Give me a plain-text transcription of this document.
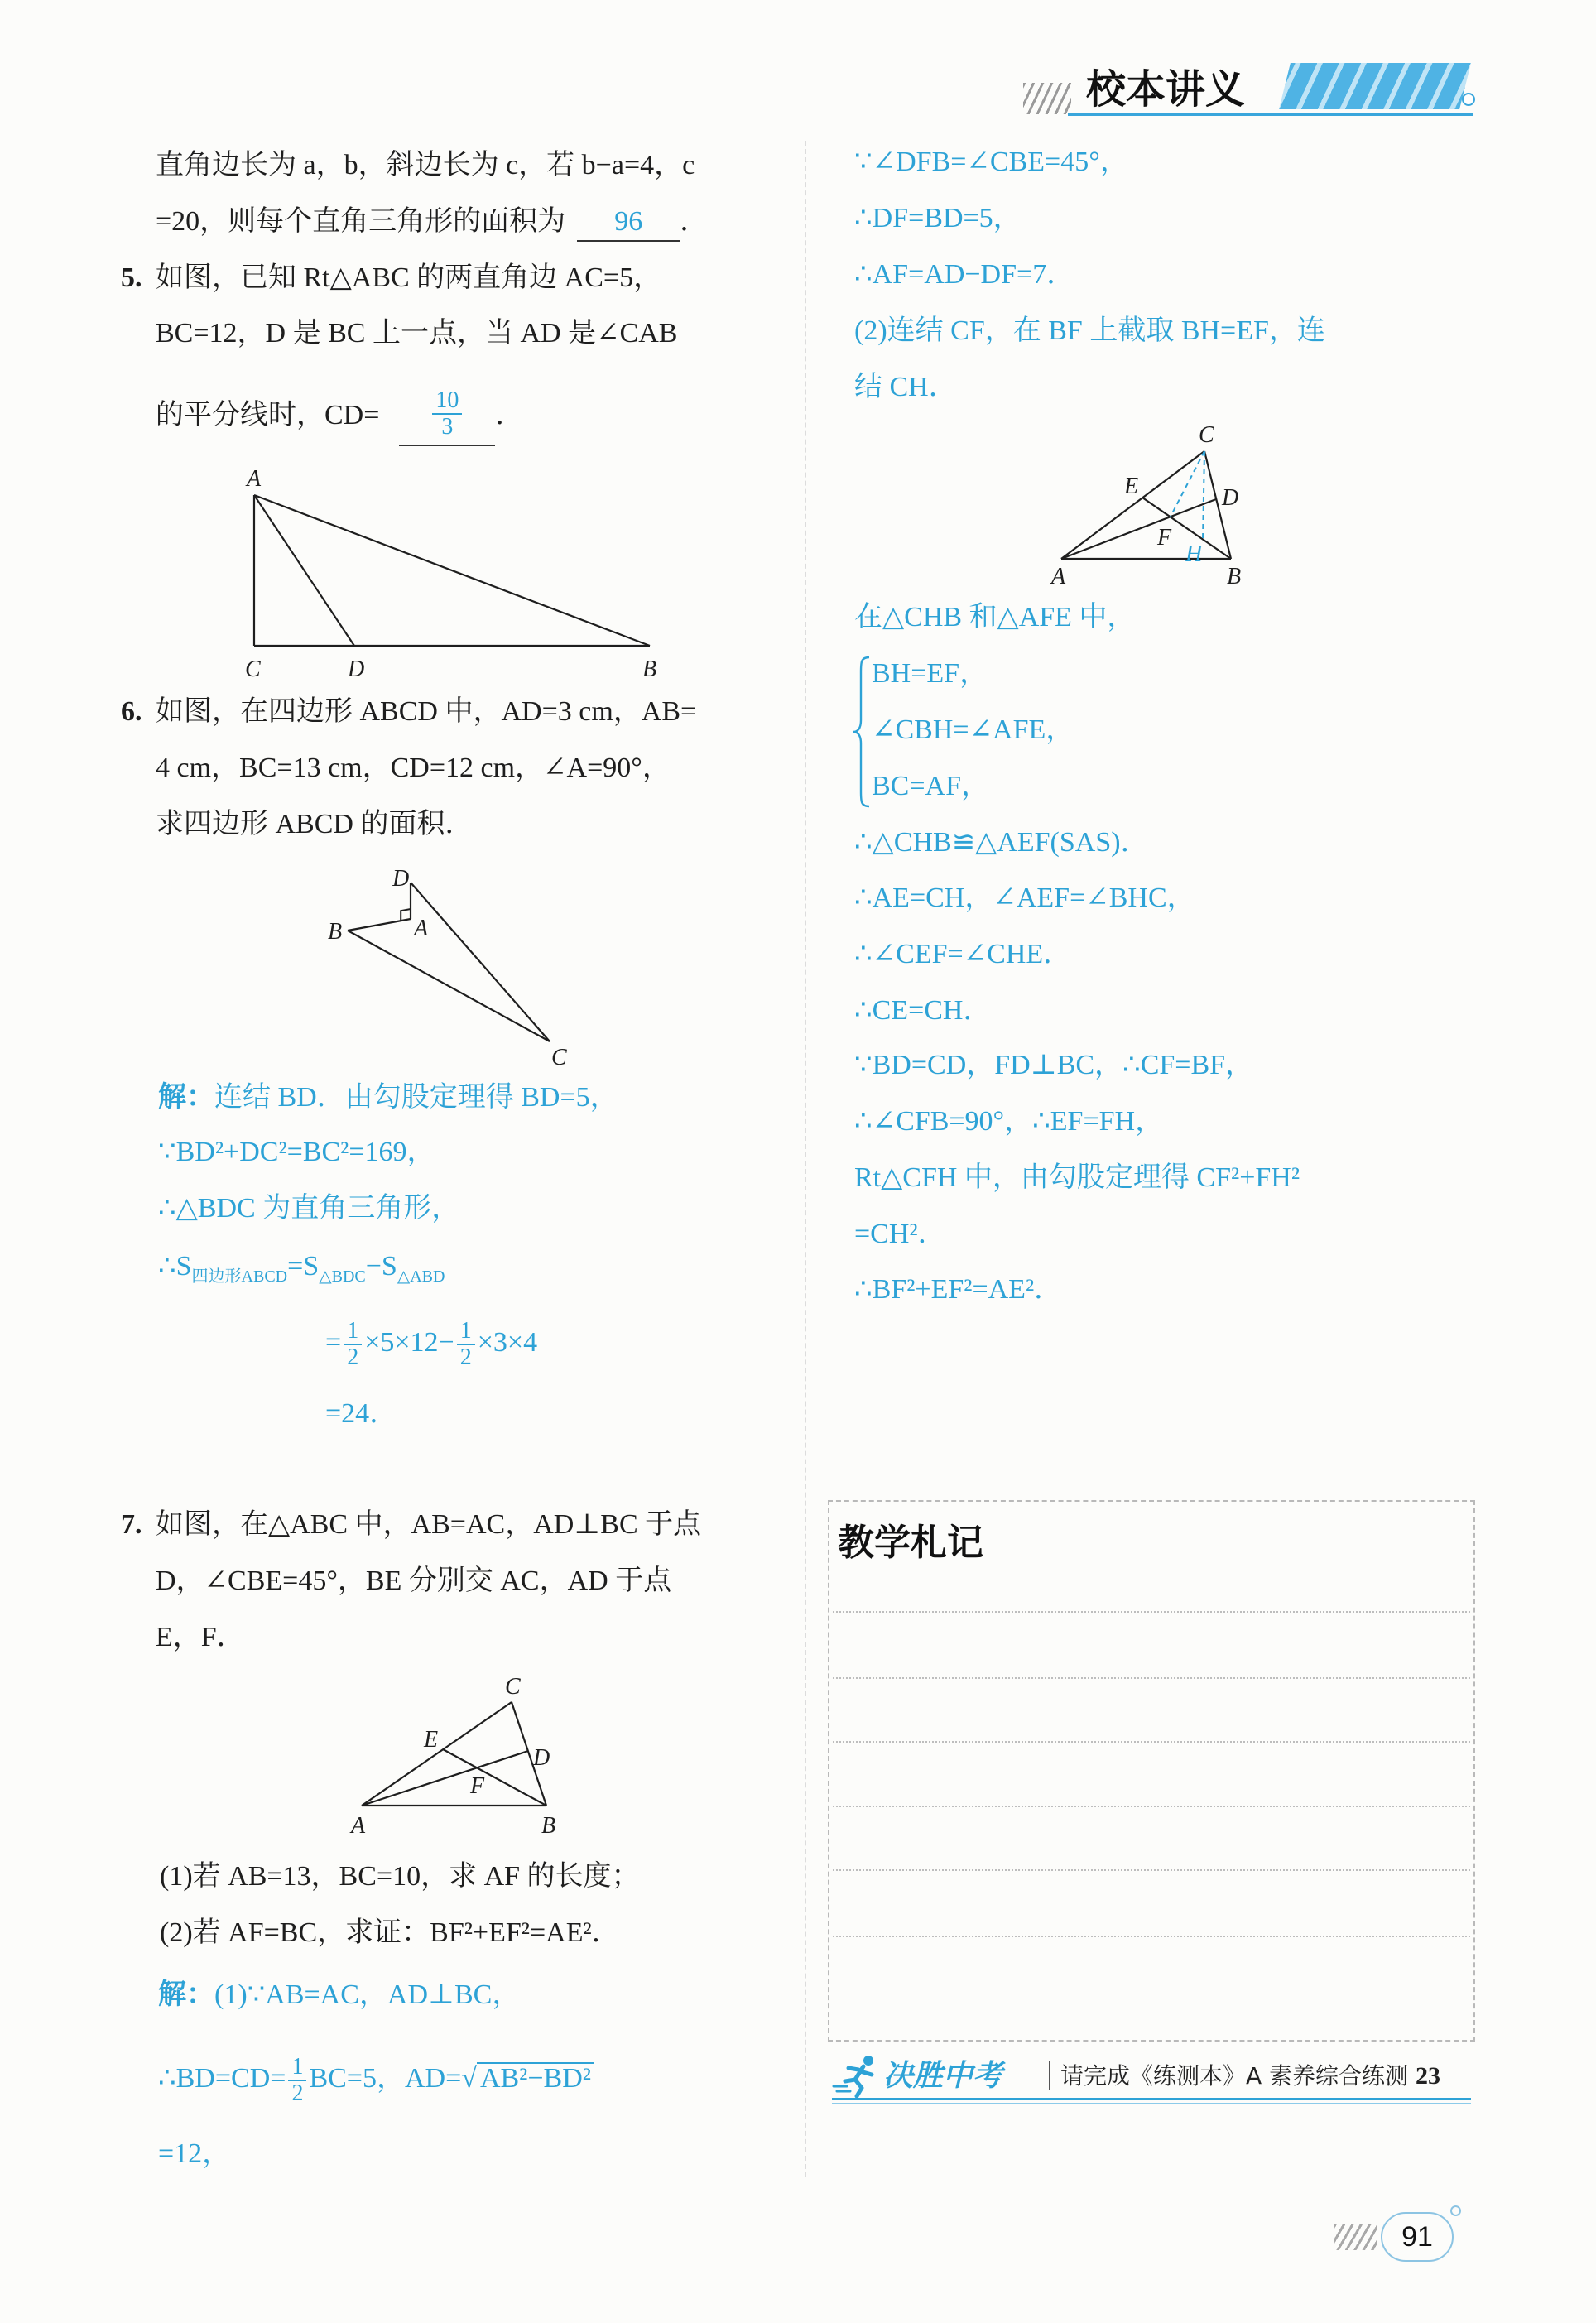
校本讲义
直角边长为 a，b，斜边长为 c，若 b−a=4，c
=20，则每个直角三角形的面积为 96 ．
5. 如图，已知 Rt△ABC 的两直角边 AC=5，
BC=12，D 是 BC 上一点，当 AD 是∠CAB
的平分线时，$CD= \frac{10}{3}$ ．
A
C	D	B
6. 如图，在四边形 ABCD 中，AD=3 cm，AB=
4 cm，BC=13 cm，CD=12 cm，∠A=90°，
求四边形 ABCD 的面积．
D
B	A
C
解：连结 BD．由勾股定理得 BD=5，
∵BD²+DC²=BC²=169，
∴△BDC 为直角三角形，
$\therefore S_{四边形ABCD}=S_{\triangle BDC}-S_{\triangle ABD}$
= $\frac{1}{2} \times 5\times 12- \frac{1}{2} \times 3\times 4$
=24．
7. 如图，在△ABC 中，AB=AC，AD⊥BC 于点
D，∠CBE=45°，BE 分别交 AC，AD 于点
E，F．
C
E
D
F
A	B
(1)若 AB=13，BC=10，求 AF 的长度；
(2)若 AF=BC，求证：BF²+EF²=AE²．
解：(1)∵AB=AC，AD⊥BC，
∴BD=CD= $\frac{1}{2} BC=5$，AD=√ AB²−BD²
=12，
∵∠DFB=∠CBE=45°，
∴DF=BD=5，
∴AF=AD−DF=7．
(2)连结 CF，在 BF 上截取 BH=EF，连
结 CH．
C
E	D
F
H
A	B
在△CHB 和△AFE 中，
BH=EF，
∠CBH=∠AFE，
BC=AF，
∴△CHB≌△AEF(SAS)．
∴AE=CH，∠AEF=∠BHC，
∴∠CEF=∠CHE．
∴CE=CH．
∵BD=CD，FD⊥BC，∴CF=BF，
∴∠CFB=90°，∴EF=FH，
Rt△CFH 中，由勾股定理得 CF²+FH²
=CH²．
∴BF²+EF²=AE²．
教学札记
决胜中考 请完成《练测本》A 素养综合练测 23
91
